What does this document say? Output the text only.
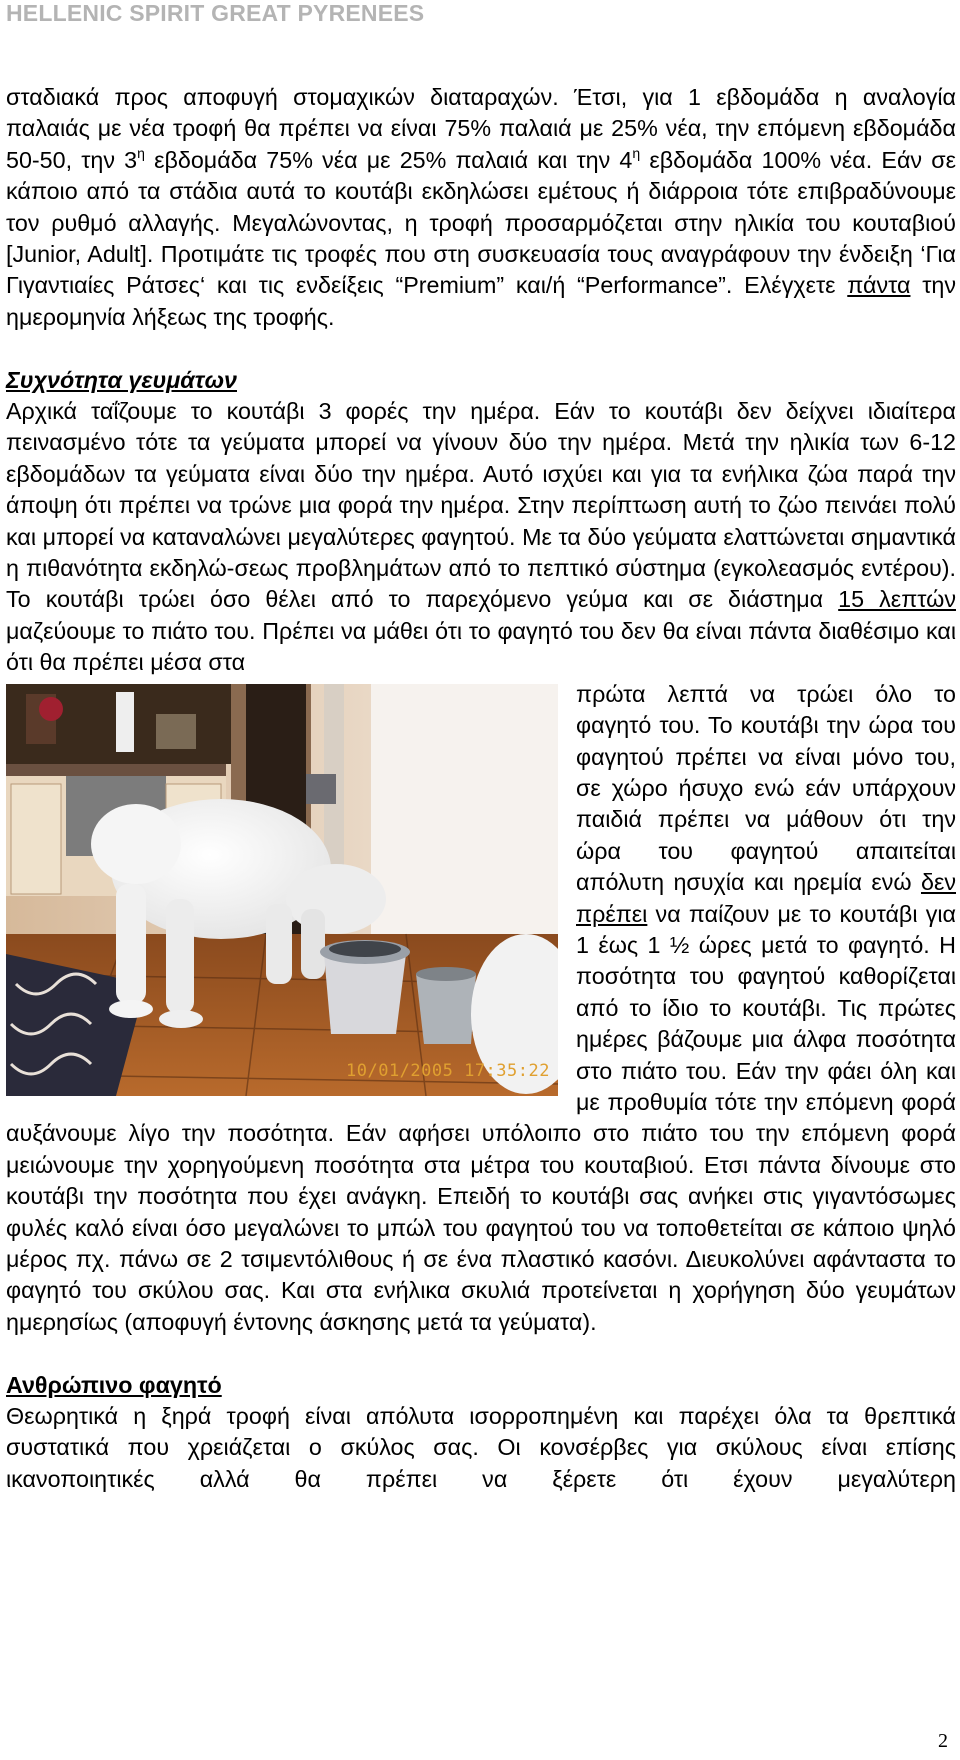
HELLENIC SPIRIT GREAT PYRENEES

σταδιακά προς αποφυγή στομαχικών διαταραχών. Έτσι, για 1 εβδομάδα η αναλογία παλαιάς με νέα τροφή θα πρέπει να είναι 75% παλαιά με 25% νέα, την επόμενη εβδομάδα 50-50, την $3^\eta$ εβδομάδα 75% νέα με 25% παλαιά και την $4^\eta$ εβδομάδα 100% νέα. Εάν σε κάποιο από τα στάδια αυτά το κουτάβι εκδηλώσει εμέτους ή διάρροια τότε επιβραδύνουμε τον ρυθμό αλλαγής. Μεγαλώνοντας, η τροφή προσαρμόζεται στην ηλικία του κουταβιού [Junior, Adult]. Προτιμάτε τις τροφές που στη συσκευασία τους αναγράφουν την ένδειξη ‘Για Γιγαντιαίες Ράτσες‘ και τις ενδείξεις “Premium” και/ή “Performance”. Ελέγχετε πάντα την ημερομηνία λήξεως της τροφής.

Συχνότητα γευμάτων

Αρχικά ταΐζουμε το κουτάβι 3 φορές την ημέρα. Εάν το κουτάβι δεν δείχνει ιδιαίτερα πεινασμένο τότε τα γεύματα μπορεί να γίνουν δύο την ημέρα. Μετά την ηλικία των 6-12 εβδομάδων τα γεύματα είναι δύο την ημέρα. Αυτό ισχύει και για τα ενήλικα ζώα παρά την άποψη ότι πρέπει να τρώνε μια φορά την ημέρα. Στην περίπτωση αυτή το ζώο πεινάει πολύ και μπορεί να καταναλώνει μεγαλύτερες φαγητού. Με τα δύο γεύματα ελαττώνεται σημαντικά η πιθανότητα εκδηλώ-σεως προβλημάτων από το πεπτικό σύστημα (εγκολεασμός εντέρου). Το κουτάβι τρώει όσο θέλει από το παρεχόμενο γεύμα και σε διάστημα 15 λεπτών μαζεύουμε το πιάτο του. Πρέπει να μάθει ότι το φαγητό του δεν θα είναι πάντα διαθέσιμο και ότι θα πρέπει μέσα στα

10/01/2005 17:35:22

πρώτα λεπτά να τρώει όλο το φαγητό του. Το κουτάβι την ώρα του φαγητού πρέπει να είναι μόνο του, σε χώρο ήσυχο ενώ εάν υπάρχουν παιδιά πρέπει να μάθουν ότι την ώρα του φαγητού απαιτείται απόλυτη ησυχία και ηρεμία ενώ δεν πρέπει να παίζουν με το κουτάβι για 1 έως 1 ½ ώρες μετά το φαγητό. Η ποσότητα του φαγητού καθορίζεται από το ίδιο το κουτάβι. Τις πρώτες ημέρες βάζουμε μια άλφα ποσότητα στο πιάτο του. Εάν την φάει όλη και με προθυμία τότε την επόμενη φορά αυξάνουμε λίγο την ποσότητα. Εάν αφήσει υπόλοιπο στο πιάτο του την επόμενη φορά μειώνουμε την χορηγούμενη ποσότητα στα μέτρα του κουταβιού. Ετσι πάντα δίνουμε στο κουτάβι την ποσότητα που έχει ανάγκη. Επειδή το κουτάβι σας ανήκει στις γιγαντόσωμες φυλές καλό είναι όσο μεγαλώνει το μπώλ του φαγητού του να τοποθετείται σε κάποιο ψηλό μέρος πχ. πάνω σε 2 τσιμεντόλιθους ή σε ένα πλαστικό κασόνι. Διευκολύνει αφάνταστα το φαγητό του σκύλου σας. Και στα ενήλικα σκυλιά προτείνεται η χορήγηση δύο γευμάτων ημερησίως (αποφυγή έντονης άσκησης μετά τα γεύματα).

Ανθρώπινο φαγητό

Θεωρητικά η ξηρά τροφή είναι απόλυτα ισορροπημένη και παρέχει όλα τα θρεπτικά συστατικά που χρειάζεται ο σκύλος σας. Οι κονσέρβες για σκύλους είναι επίσης ικανοποιητικές αλλά θα πρέπει να ξέρετε ότι έχουν μεγαλύτερη

2
